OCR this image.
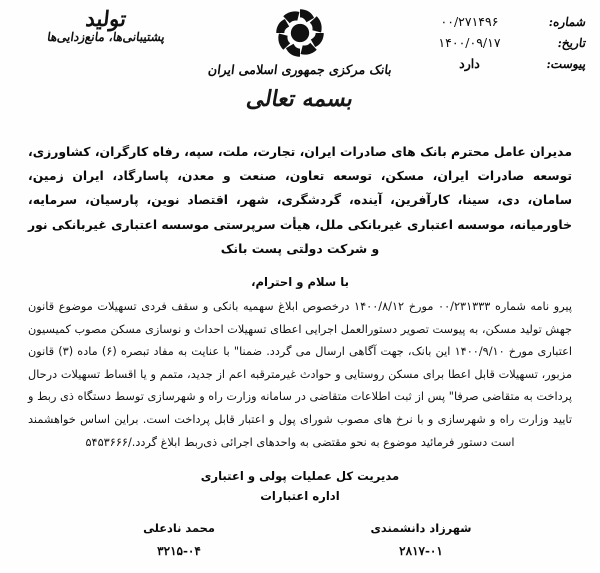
تولید
پشتیبانی‌ها، مانع‌زدایی‌ها
بانک مرکزی جمهوری اسلامی ایران
شماره:
۰۰/۲۷۱۴۹۶
تاریخ:
۱۴۰۰/۰۹/۱۷
پیوست:
دارد
بسمه تعالی
مدیران عامل محترم بانک های صادرات ایران، تجارت، ملت، سپه، رفاه کارگران، کشاورزی، توسعه صادرات ایران، مسکن، توسعه تعاون، صنعت و معدن، پاسارگاد، ایران زمین، سامان، دی، سینا، کارآفرین، آینده، گردشگری، شهر، اقتصاد نوین، پارسیان، سرمایه، خاورمیانه، موسسه اعتباری غیربانکی ملل، هیأت سرپرستی موسسه اعتباری غیربانکی نور و شرکت دولتی پست بانک
با سلام و احترام،
پیرو نامه شماره ۰۰/۲۳۱۳۳۳ مورخ ۱۴۰۰/۸/۱۲ درخصوص ابلاغ سهمیه بانکی و سقف فردی تسهیلات موضوع قانون جهش تولید مسکن، به پیوست تصویر دستورالعمل اجرایی اعطای تسهیلات احداث و نوسازی مسکن مصوب کمیسیون اعتباری مورخ ۱۴۰۰/۹/۱۰ این بانک، جهت آگاهی ارسال می گردد. ضمنا" با عنایت به مفاد تبصره (۶) ماده (۳) قانون مزبور، تسهیلات قابل اعطا برای مسکن روستایی و حوادث غیرمترقبه اعم از جدید، متمم و یا اقساط تسهیلات درحال پرداخت به متقاضی صرفا" پس از ثبت اطلاعات متقاضی در سامانه وزارت راه و شهرسازی توسط دستگاه ذی ربط و تایید وزارت راه و شهرسازی و با نرخ های مصوب شورای پول و اعتبار قابل پرداخت است. براین اساس خواهشمند است دستور فرمائید موضوع به نحو مقتضی به واحدهای اجرائی ذی‌ربط ابلاغ گردد./۵۴۵۳۶۶۶
مدیریت کل عملیات پولی و اعتباری
اداره اعتبارات
شهرزاد دانشمندی
۲۸۱۷-۰۱
محمد نادعلی
۳۲۱۵-۰۴
